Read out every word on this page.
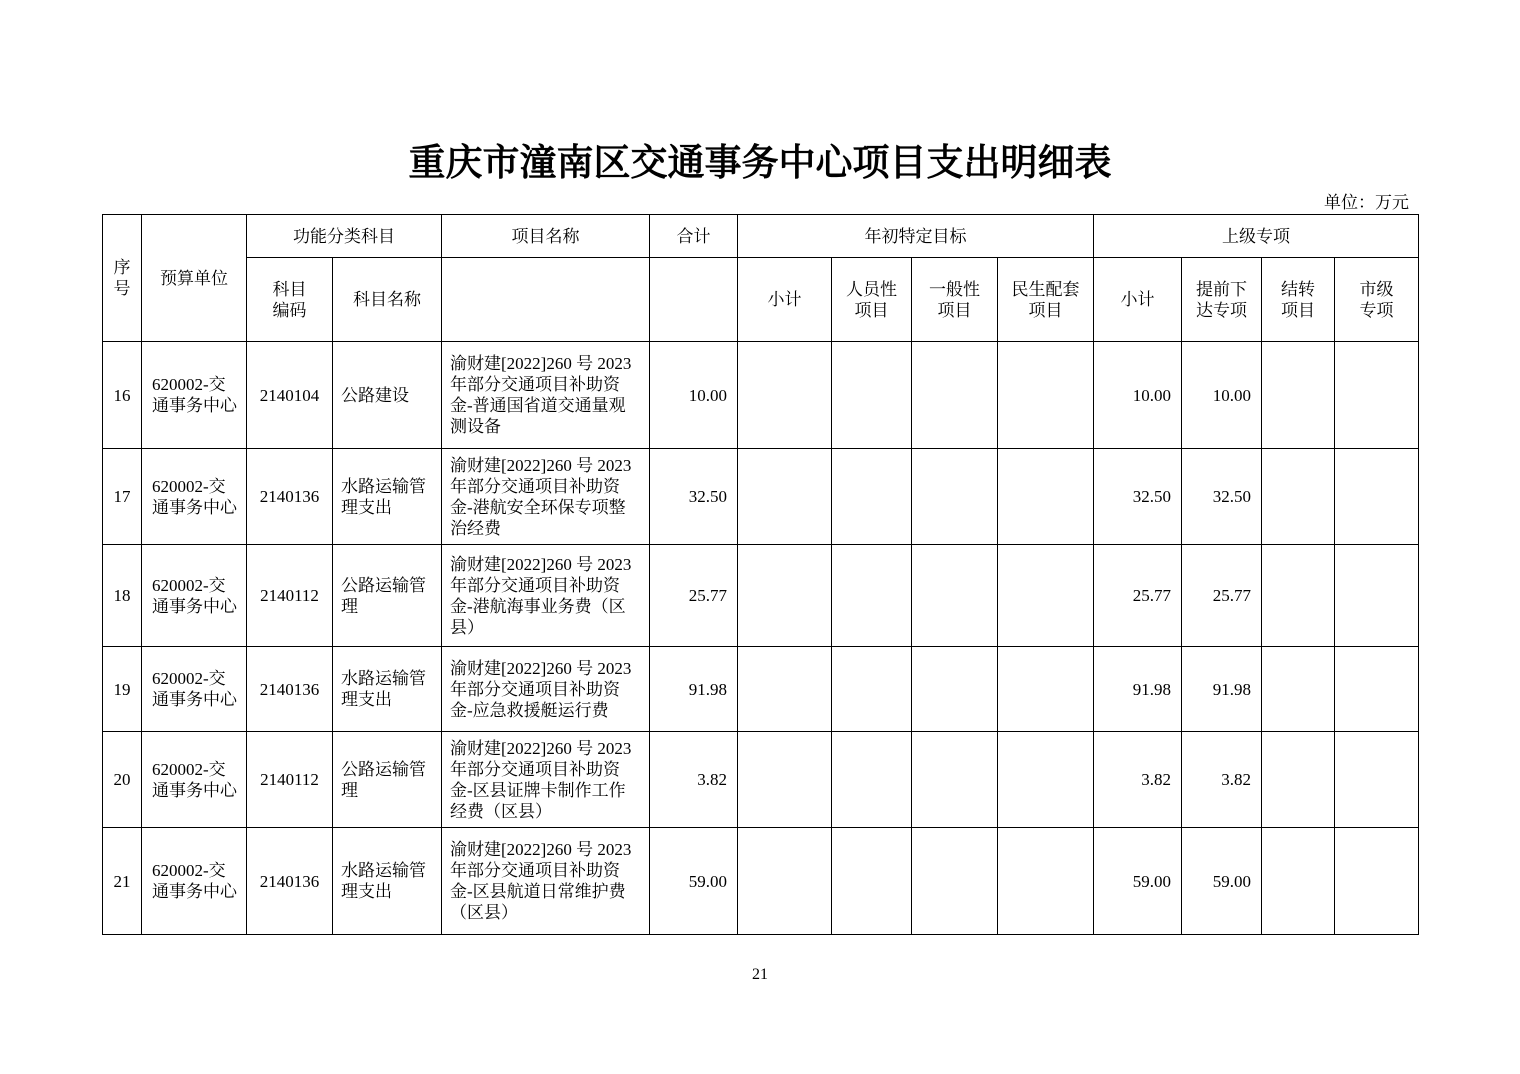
重庆市潼南区交通事务中心项目支出明细表
单位：万元
序号	预算单位	功能分类科目		项目名称	合计	年初特定目标				上级专项			
		科目编码	科目名称			小计	人员性项目	一般性项目	民生配套项目	小计	提前下达专项	结转项目	市级专项
16	620002-交通事务中心	2140104	公路建设	渝财建[2022]260 号 2023 年部分交通项目补助资金-普通国省道交通量观测设备	10.00					10.00	10.00		
17	620002-交通事务中心	2140136	水路运输管理支出	渝财建[2022]260 号 2023 年部分交通项目补助资金-港航安全环保专项整治经费	32.50					32.50	32.50		
18	620002-交通事务中心	2140112	公路运输管理	渝财建[2022]260 号 2023 年部分交通项目补助资金-港航海事业务费（区县）	25.77					25.77	25.77		
19	620002-交通事务中心	2140136	水路运输管理支出	渝财建[2022]260 号 2023 年部分交通项目补助资金-应急救援艇运行费	91.98					91.98	91.98		
20	620002-交通事务中心	2140112	公路运输管理	渝财建[2022]260 号 2023 年部分交通项目补助资金-区县证牌卡制作工作经费（区县）	3.82					3.82	3.82		
21	620002-交通事务中心	2140136	水路运输管理支出	渝财建[2022]260 号 2023 年部分交通项目补助资金-区县航道日常维护费（区县）	59.00					59.00	59.00		
21
